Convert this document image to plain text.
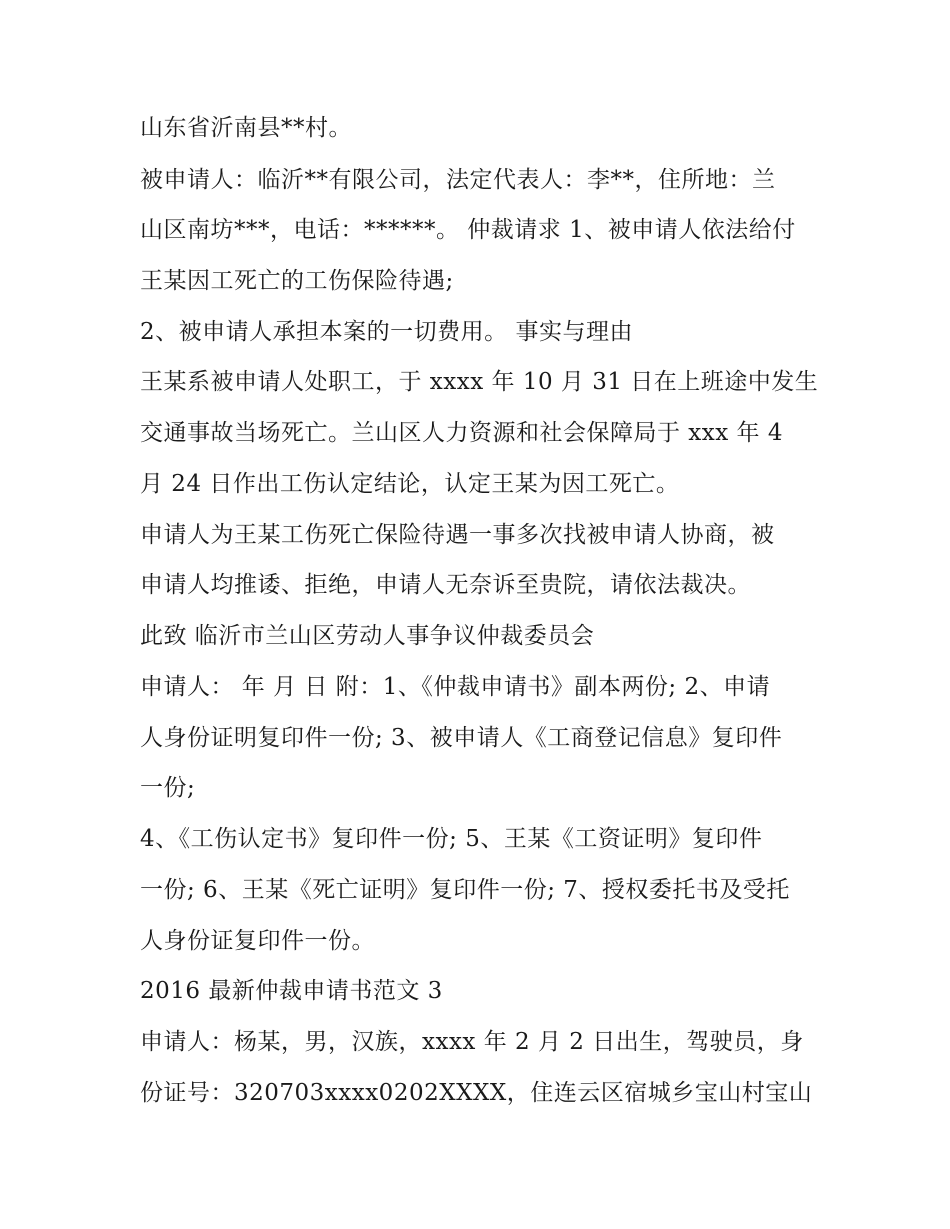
山东省沂南县**村。
被申请人：临沂**有限公司，法定代表人：李**，住所地：兰
山区南坊***，电话：******。 仲裁请求 1、被申请人依法给付
王某因工死亡的工伤保险待遇;
2、被申请人承担本案的一切费用。 事实与理由
王某系被申请人处职工，于 xxxx 年 10 月 31 日在上班途中发生
交通事故当场死亡。兰山区人力资源和社会保障局于 xxx 年 4
月 24 日作出工伤认定结论，认定王某为因工死亡。
申请人为王某工伤死亡保险待遇一事多次找被申请人协商，被
申请人均推诿、拒绝，申请人无奈诉至贵院，请依法裁决。
此致 临沂市兰山区劳动人事争议仲裁委员会
申请人： 年 月 日 附：1、《仲裁申请书》副本两份; 2、申请
人身份证明复印件一份; 3、被申请人《工商登记信息》复印件
一份;
4、《工伤认定书》复印件一份; 5、王某《工资证明》复印件
一份; 6、王某《死亡证明》复印件一份; 7、授权委托书及受托
人身份证复印件一份。
2016 最新仲裁申请书范文 3
申请人：杨某，男，汉族，xxxx 年 2 月 2 日出生，驾驶员，身
份证号：320703xxxx0202XXXX，住连云区宿城乡宝山村宝山
